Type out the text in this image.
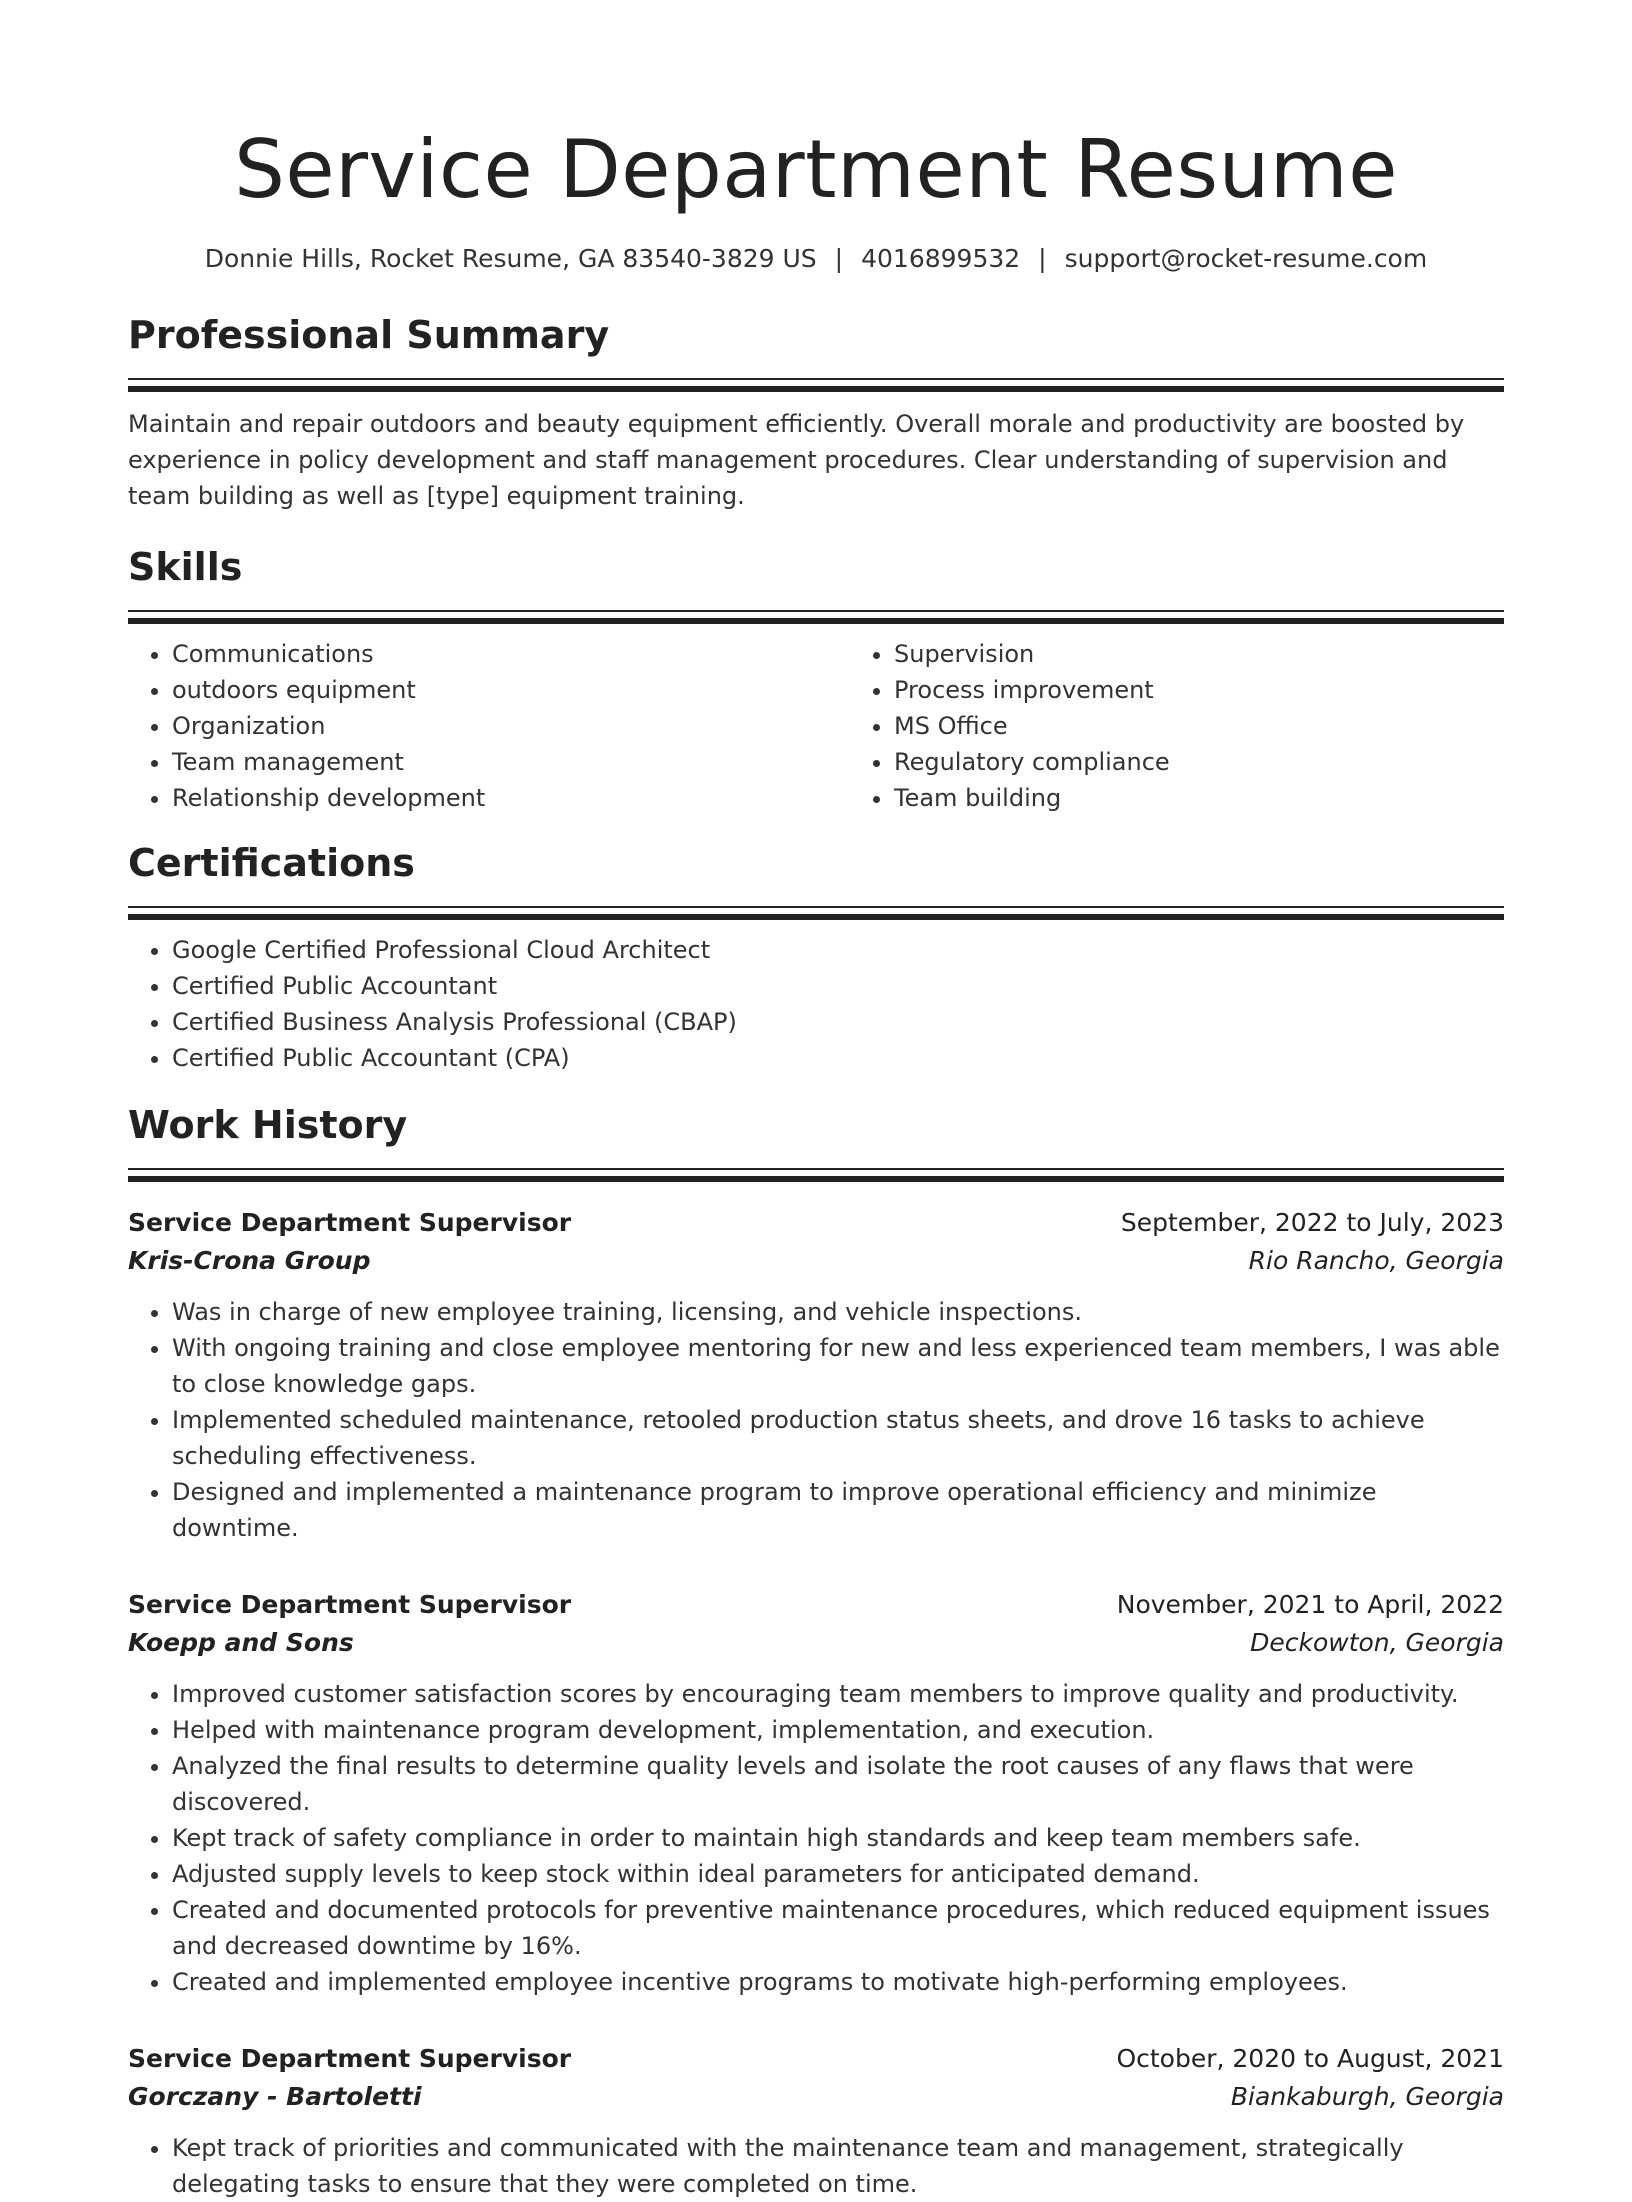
Service Department Resume
Donnie Hills, Rocket Resume, GA 83540-3829 US | 4016899532 | support@rocket-resume.com
Professional Summary
Maintain and repair outdoors and beauty equipment efficiently. Overall morale and productivity are boosted by experience in policy development and staff management procedures. Clear understanding of supervision and team building as well as [type] equipment training.
Skills
• Communications
• outdoors equipment
• Organization
• Team management
• Relationship development
• Supervision
• Process improvement
• MS Office
• Regulatory compliance
• Team building
Certifications
• Google Certified Professional Cloud Architect
• Certified Public Accountant
• Certified Business Analysis Professional (CBAP)
• Certified Public Accountant (CPA)
Work History
Service Department Supervisor	September, 2022 to July, 2023
Kris-Crona Group	Rio Rancho, Georgia
• Was in charge of new employee training, licensing, and vehicle inspections.
• With ongoing training and close employee mentoring for new and less experienced team members, I was able to close knowledge gaps.
• Implemented scheduled maintenance, retooled production status sheets, and drove 16 tasks to achieve scheduling effectiveness.
• Designed and implemented a maintenance program to improve operational efficiency and minimize downtime.
Service Department Supervisor	November, 2021 to April, 2022
Koepp and Sons	Deckowton, Georgia
• Improved customer satisfaction scores by encouraging team members to improve quality and productivity.
• Helped with maintenance program development, implementation, and execution.
• Analyzed the final results to determine quality levels and isolate the root causes of any flaws that were discovered.
• Kept track of safety compliance in order to maintain high standards and keep team members safe.
• Adjusted supply levels to keep stock within ideal parameters for anticipated demand.
• Created and documented protocols for preventive maintenance procedures, which reduced equipment issues and decreased downtime by 16%.
• Created and implemented employee incentive programs to motivate high-performing employees.
Service Department Supervisor	October, 2020 to August, 2021
Gorczany - Bartoletti	Biankaburgh, Georgia
• Kept track of priorities and communicated with the maintenance team and management, strategically delegating tasks to ensure that they were completed on time.
